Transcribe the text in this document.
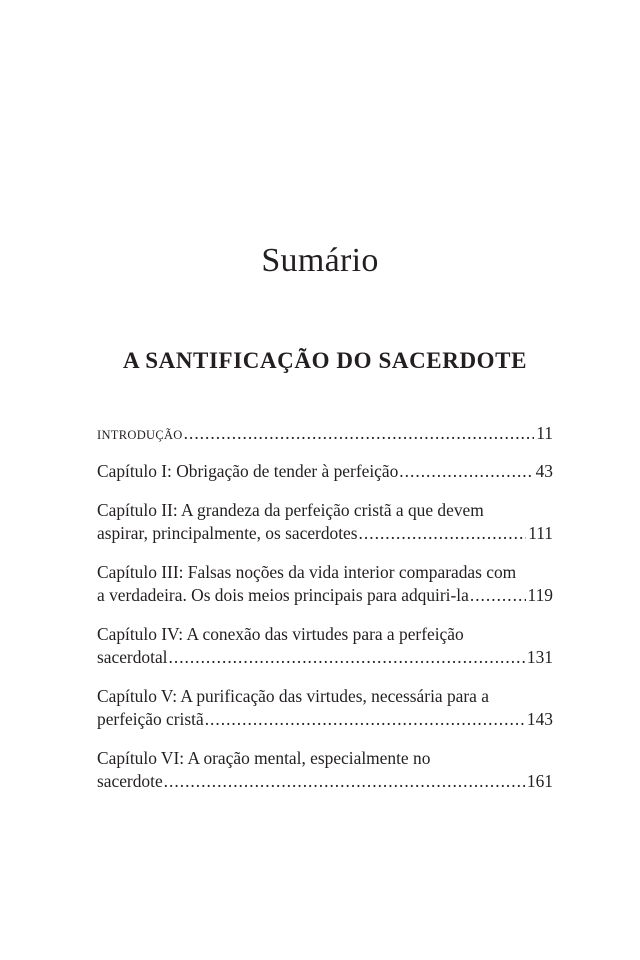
Sumário
A SANTIFICAÇÃO DO SACERDOTE
INTRODUÇÃO .....	11
Capítulo I: Obrigação de tender à perfeição .....	43
Capítulo II: A grandeza da perfeição cristã a que devem
aspirar, principalmente, os sacerdotes .....	111
Capítulo III: Falsas noções da vida interior comparadas com
a verdadeira. Os dois meios principais para adquiri-la .....	119
Capítulo IV: A conexão das virtudes para a perfeição
sacerdotal .....	131
Capítulo V: A purificação das virtudes, necessária para a
perfeição cristã .....	143
Capítulo VI: A oração mental, especialmente no
sacerdote .....	161
